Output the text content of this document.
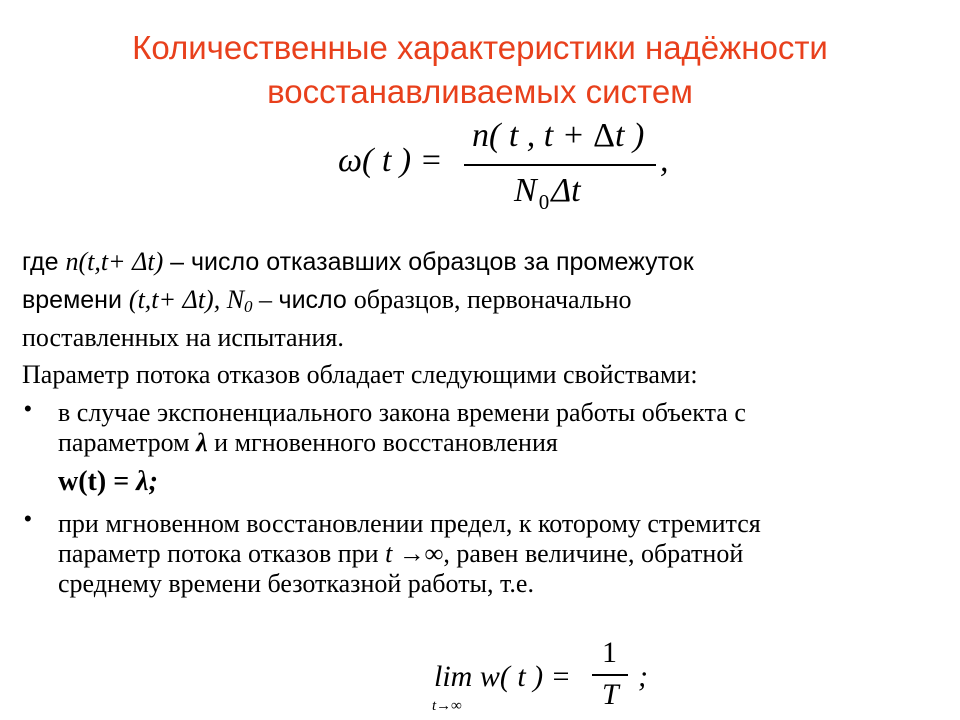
Количественные характеристики надёжности
восстанавливаемых систем
ω( t ) =
n( t , t + Δt )
$N_0\Delta t$
,
где n(t,t+ Δt) – число отказавших образцов за промежуток
времени (t,t+ Δt), $N_0$ – число образцов, первоначально
поставленных на испытания.
Параметр потока отказов обладает следующими свойствами:
• в случае экспоненциального закона времени работы объекта с
параметром λ и мгновенного восстановления
w(t) = λ;
• при мгновенном восстановлении предел, к которому стремится
параметр потока отказов при t →∞, равен величине, обратной
среднему времени безотказной работы, т.е.
lim w( t ) =
t→∞
1
T
;
